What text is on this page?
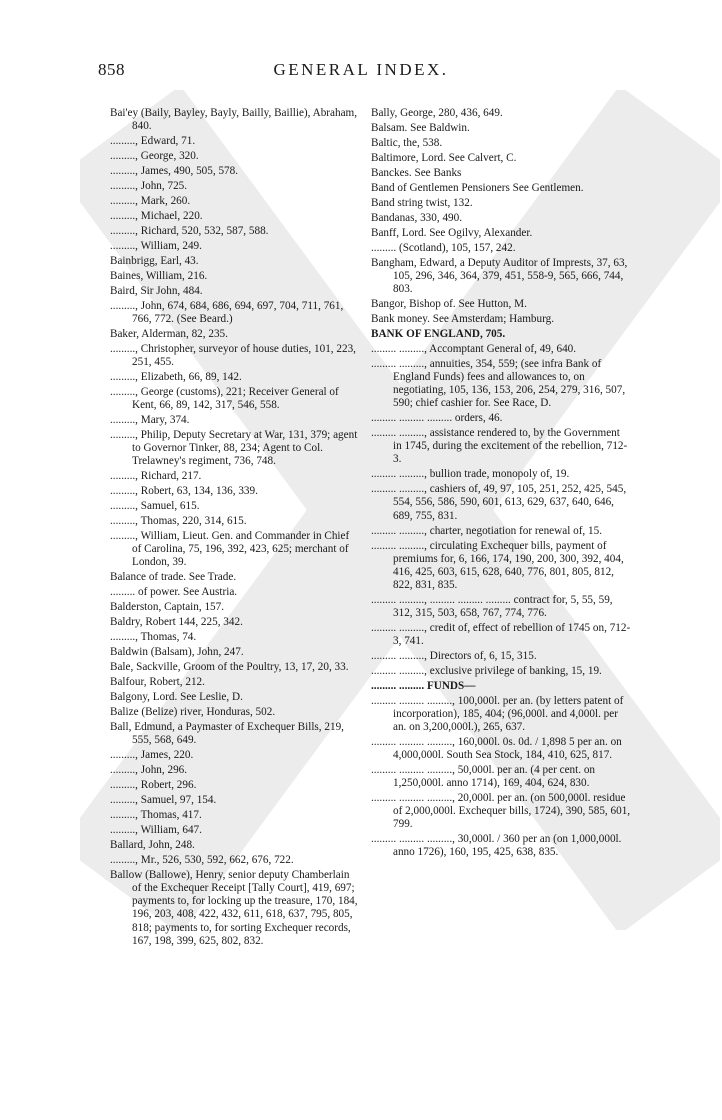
858	GENERAL INDEX.

Bai'ey (Baily, Bayley, Bayly, Bailly, Baillie), Abraham, 840.

........., Edward, 71.

........., George, 320.

........., James, 490, 505, 578.

........., John, 725.

........., Mark, 260.

........., Michael, 220.

........., Richard, 520, 532, 587, 588.

........., William, 249.

Bainbrigg, Earl, 43.

Baines, William, 216.

Baird, Sir John, 484.

........., John, 674, 684, 686, 694, 697, 704, 711, 761, 766, 772. (See Beard.)

Baker, Alderman, 82, 235.

........., Christopher, surveyor of house duties, 101, 223, 251, 455.

........., Elizabeth, 66, 89, 142.

........., George (customs), 221; Receiver General of Kent, 66, 89, 142, 317, 546, 558.

........., Mary, 374.

........., Philip, Deputy Secretary at War, 131, 379; agent to Governor Tinker, 88, 234; Agent to Col. Trelawney's regiment, 736, 748.

........., Richard, 217.

........., Robert, 63, 134, 136, 339.

........., Samuel, 615.

........., Thomas, 220, 314, 615.

........., William, Lieut. Gen. and Commander in Chief of Carolina, 75, 196, 392, 423, 625; merchant of London, 39.

Balance of trade. See Trade.

......... of power. See Austria.

Balderston, Captain, 157.

Baldry, Robert 144, 225, 342.

........., Thomas, 74.

Baldwin (Balsam), John, 247.

Bale, Sackville, Groom of the Poultry, 13, 17, 20, 33.

Balfour, Robert, 212.

Balgony, Lord. See Leslie, D.

Balize (Belize) river, Honduras, 502.

Ball, Edmund, a Paymaster of Exchequer Bills, 219, 555, 568, 649.

........., James, 220.

........., John, 296.

........., Robert, 296.

........., Samuel, 97, 154.

........., Thomas, 417.

........., William, 647.

Ballard, John, 248.

........., Mr., 526, 530, 592, 662, 676, 722.

Ballow (Ballowe), Henry, senior deputy Chamberlain of the Exchequer Receipt [Tally Court], 419, 697; payments to, for locking up the treasure, 170, 184, 196, 203, 408, 422, 432, 611, 618, 637, 795, 805, 818; payments to, for sorting Exchequer records, 167, 198, 399, 625, 802, 832.

Bally, George, 280, 436, 649.

Balsam. See Baldwin.

Baltic, the, 538.

Baltimore, Lord. See Calvert, C.

Banckes. See Banks

Band of Gentlemen Pensioners See Gentlemen.

Band string twist, 132.

Bandanas, 330, 490.

Banff, Lord. See Ogilvy, Alexander.

......... (Scotland), 105, 157, 242.

Bangham, Edward, a Deputy Auditor of Imprests, 37, 63, 105, 296, 346, 364, 379, 451, 558-9, 565, 666, 744, 803.

Bangor, Bishop of. See Hutton, M.

Bank money. See Amsterdam; Hamburg.

BANK OF ENGLAND, 705.

......... ........., Accomptant General of, 49, 640.

......... ........., annuities, 354, 559; (see infra Bank of England Funds) fees and allowances to, on negotiating, 105, 136, 153, 206, 254, 279, 316, 507, 590; chief cashier for. See Race, D.

......... ......... ......... orders, 46.

......... ........., assistance rendered to, by the Government in 1745, during the excitement of the rebellion, 712-3.

......... ........., bullion trade, monopoly of, 19.

......... ........., cashiers of, 49, 97, 105, 251, 252, 425, 545, 554, 556, 586, 590, 601, 613, 629, 637, 640, 646, 689, 755, 831.

......... ........., charter, negotiation for renewal of, 15.

......... ........., circulating Exchequer bills, payment of premiums for, 6, 166, 174, 190, 200, 300, 392, 404, 416, 425, 603, 615, 628, 640, 776, 801, 805, 812, 822, 831, 835.

......... ........., ......... ......... ......... contract for, 5, 55, 59, 312, 315, 503, 658, 767, 774, 776.

......... ........., credit of, effect of rebellion of 1745 on, 712-3, 741.

......... ........., Directors of, 6, 15, 315.

......... ........., exclusive privilege of banking, 15, 19.

......... ......... FUNDS—

......... ......... ........., 100,000l. per an. (by letters patent of incorporation), 185, 404; (96,000l. and 4,000l. per an. on 3,200,000l.), 265, 637.

......... ......... ........., 160,000l. 0s. 0d. / 1,898 5 per an. on 4,000,000l. South Sea Stock, 184, 410, 625, 817.

......... ......... ........., 50,000l. per an. (4 per cent. on 1,250,000l. anno 1714), 169, 404, 624, 830.

......... ......... ........., 20,000l. per an. (on 500,000l. residue of 2,000,000l. Exchequer bills, 1724), 390, 585, 601, 799.

......... ......... ........., 30,000l. / 360 per an (on 1,000,000l. anno 1726), 160, 195, 425, 638, 835.
